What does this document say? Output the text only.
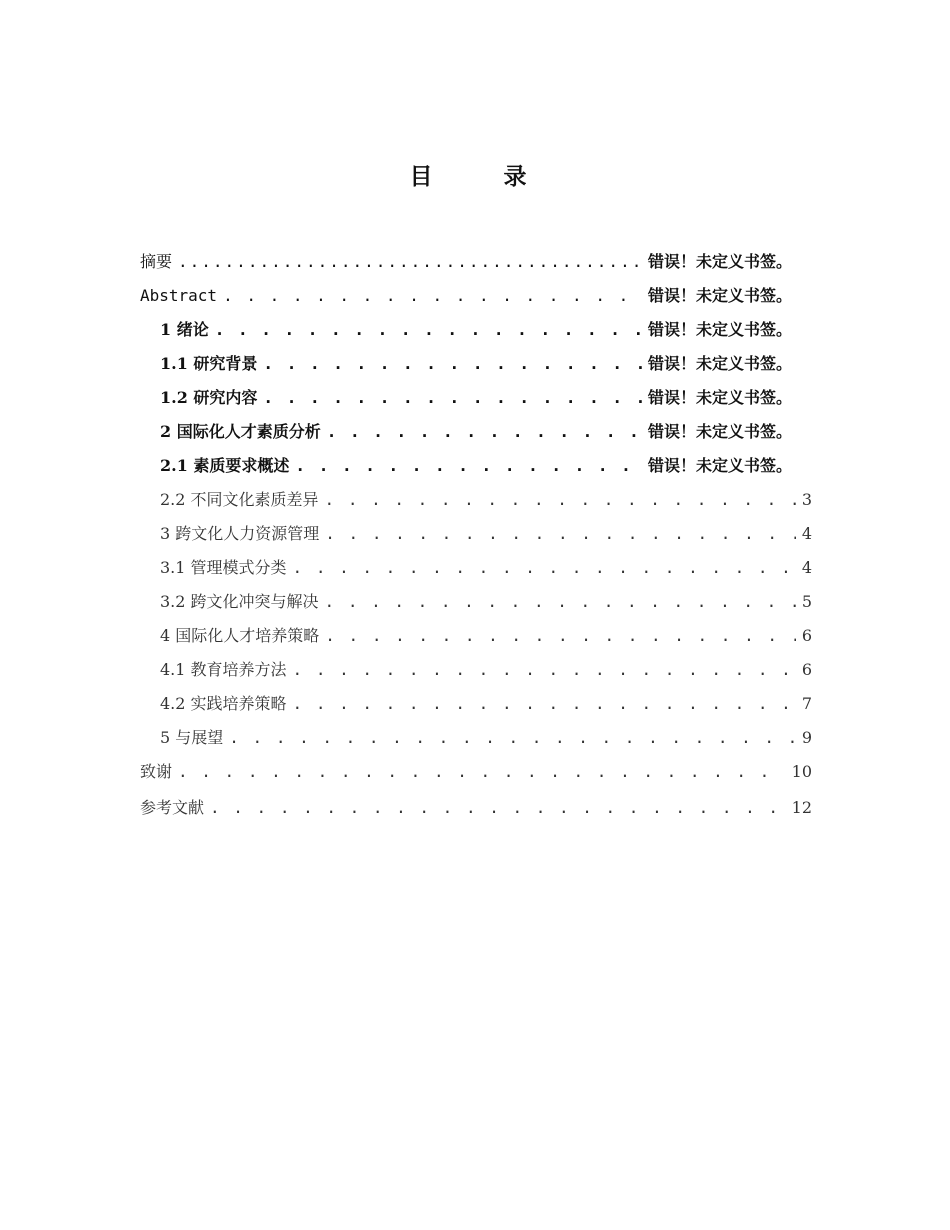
目　录
摘要 .....	错误！未定义书签。
Abstract . . .	错误！未定义书签。
1 绪论 . . .	错误！未定义书签。
1.1 研究背景 . . .	错误！未定义书签。
1.2 研究内容 . . .	错误！未定义书签。
2 国际化人才素质分析 . . .	错误！未定义书签。
2.1 素质要求概述 . . .	错误！未定义书签。
2.2 不同文化素质差异 . . .	3
3 跨文化人力资源管理 . . .	4
3.1 管理模式分类 . . .	4
3.2 跨文化冲突与解决 . . .	5
4 国际化人才培养策略 . . .	6
4.1 教育培养方法 . . .	6
4.2 实践培养策略 . . .	7
5 与展望 . . .	9
致谢 . . .	10
参考文献 . . .	12
